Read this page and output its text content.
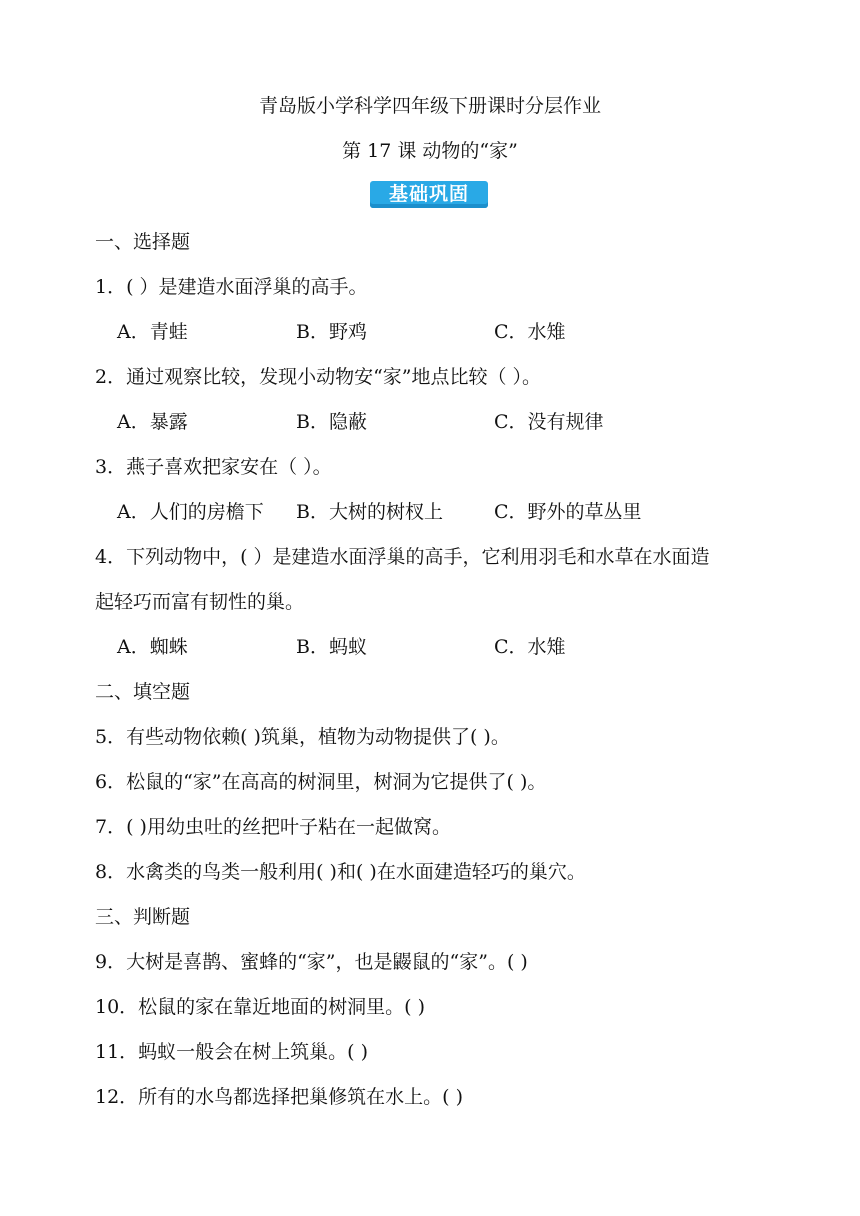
青岛版小学科学四年级下册课时分层作业
第 17 课 动物的“家”
基础巩固
一、选择题
1．( ）是建造水面浮巢的高手。
A．青蛙	B．野鸡	C．水雉
2．通过观察比较，发现小动物安“家”地点比较（ ）。
A．暴露	B．隐蔽	C．没有规律
3．燕子喜欢把家安在（ ）。
A．人们的房檐下 B．大树的树杈上	C．野外的草丛里
4．下列动物中，( ）是建造水面浮巢的高手，它利用羽毛和水草在水面造
起轻巧而富有韧性的巢。
A．蜘蛛	B．蚂蚁	C．水雉
二、填空题
5．有些动物依赖( )筑巢，植物为动物提供了( )。
6．松鼠的“家”在高高的树洞里，树洞为它提供了( )。
7．( )用幼虫吐的丝把叶子粘在一起做窝。
8．水禽类的鸟类一般利用( )和( )在水面建造轻巧的巢穴。
三、判断题
9．大树是喜鹊、蜜蜂的“家”，也是鼹鼠的“家”。( )
10．松鼠的家在靠近地面的树洞里。( )
11．蚂蚁一般会在树上筑巢。( )
12．所有的水鸟都选择把巢修筑在水上。( )
